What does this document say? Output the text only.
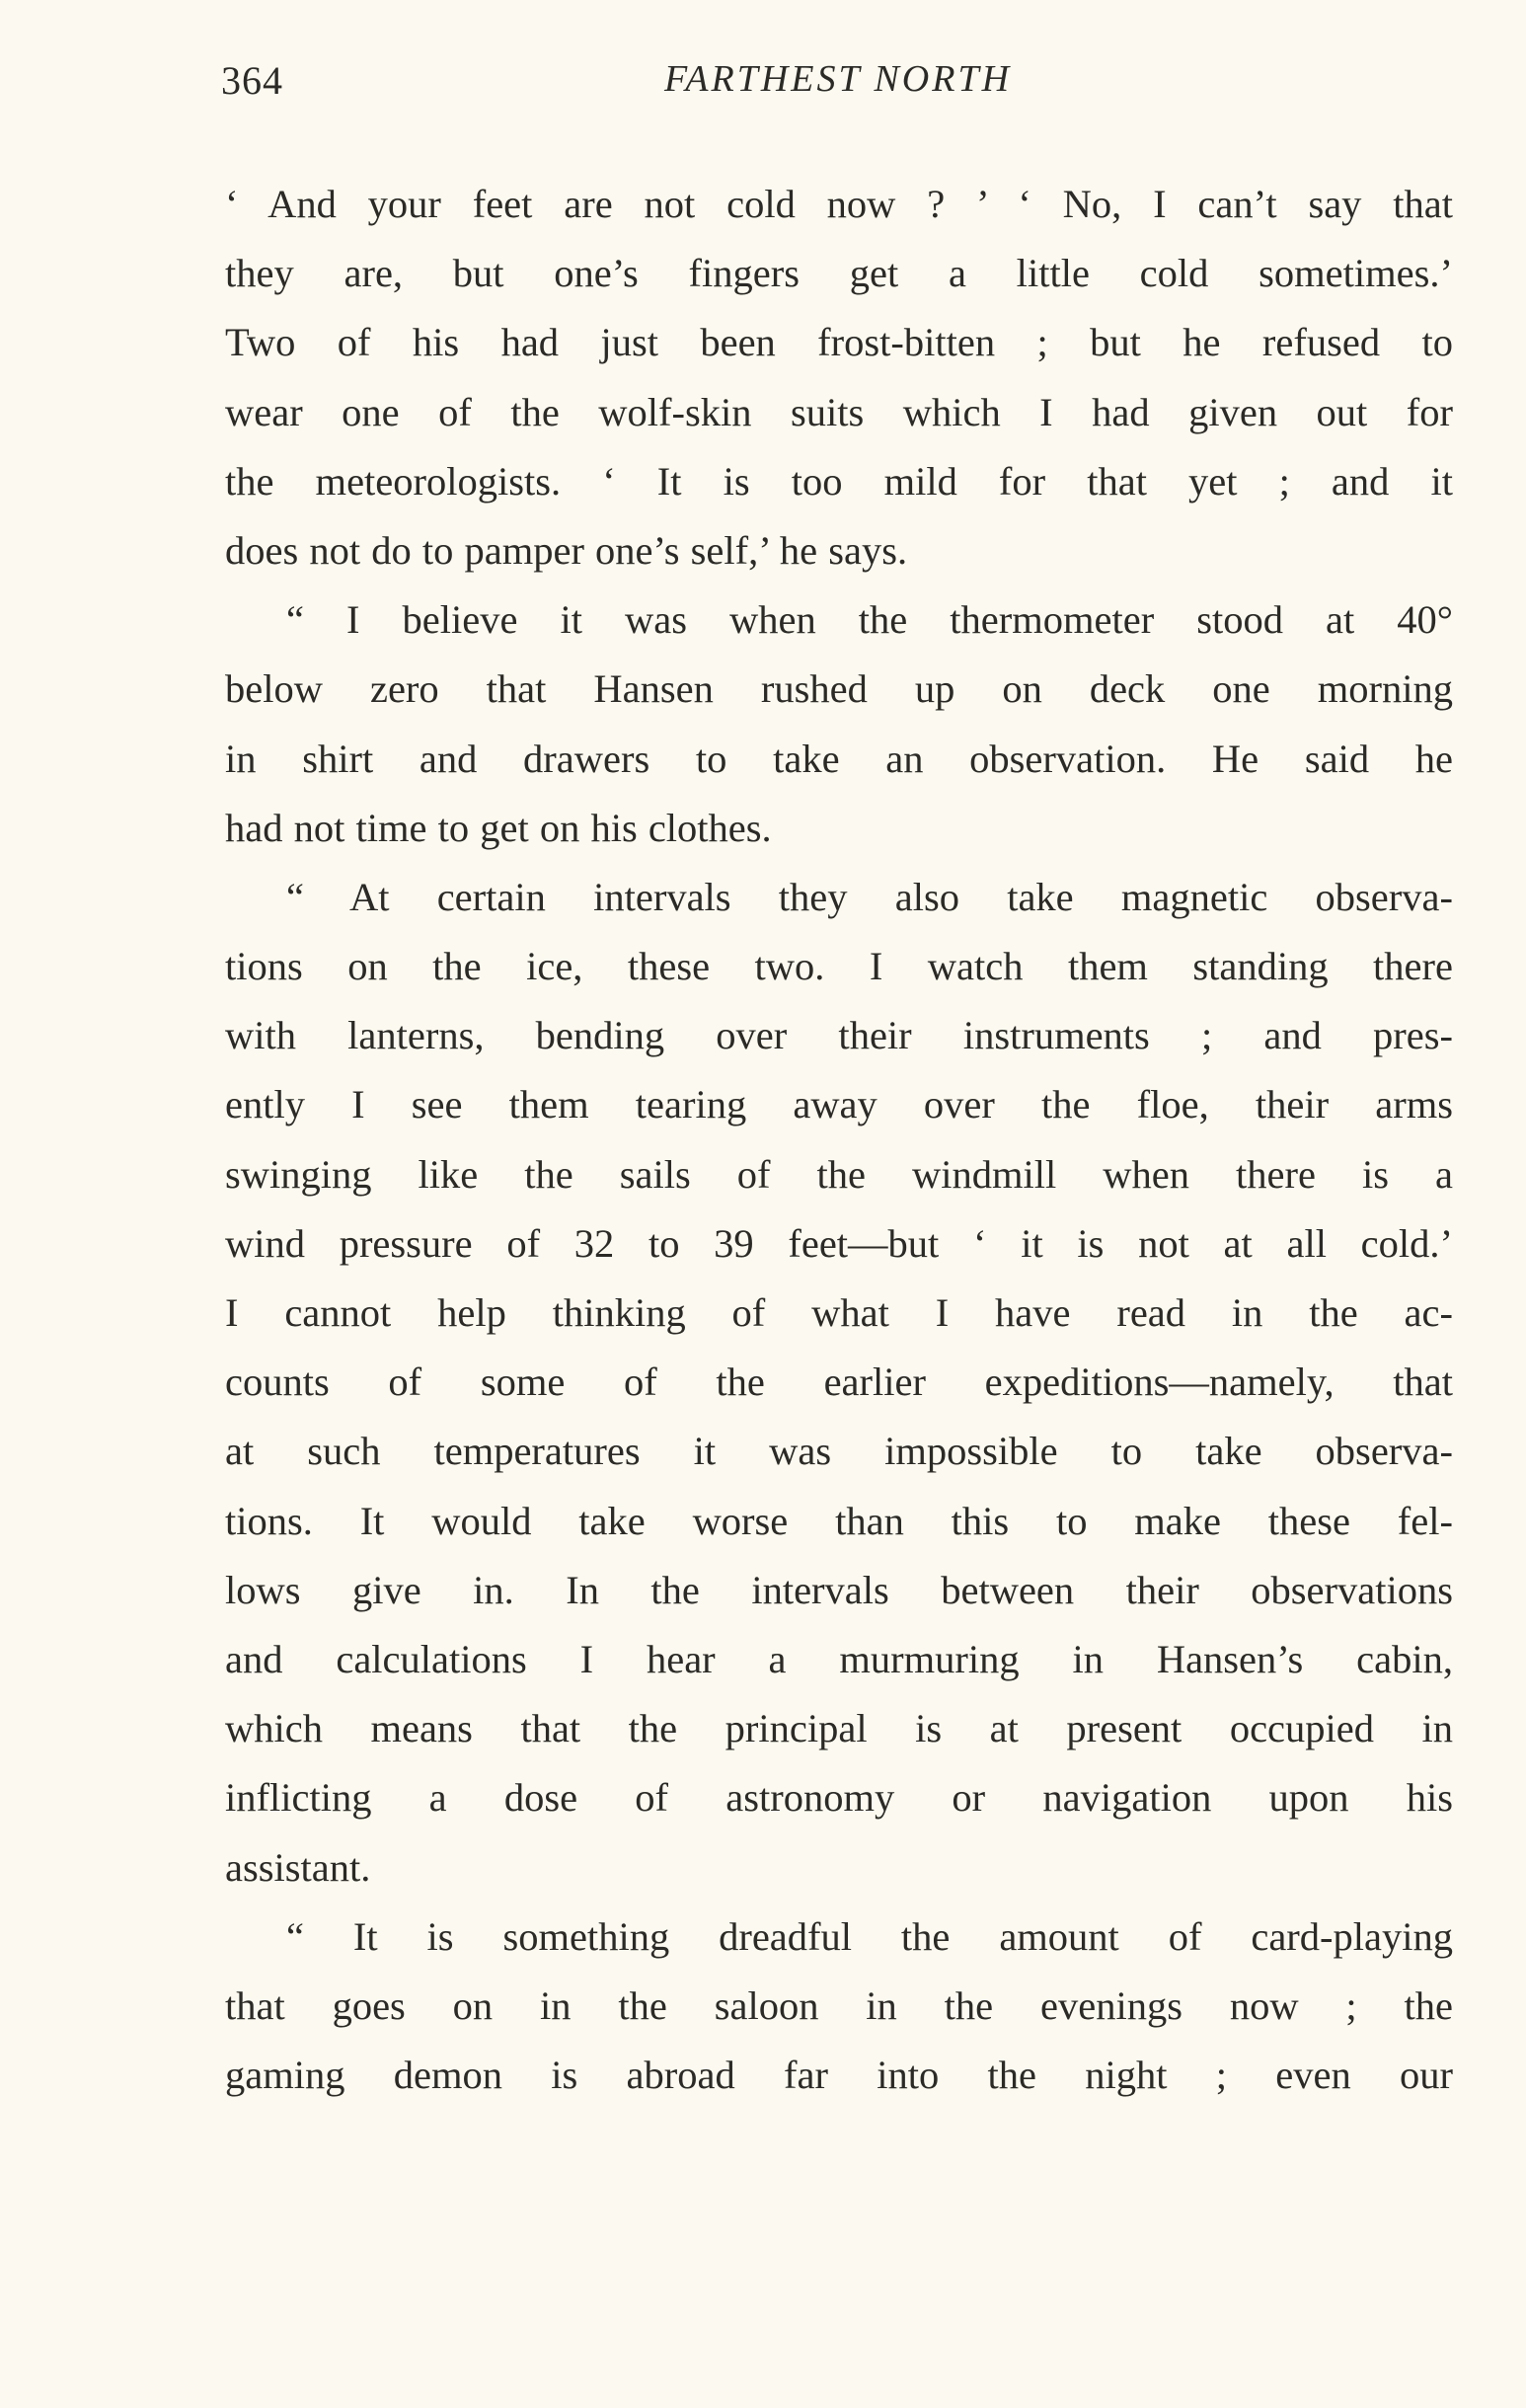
364	FARTHEST NORTH
‘ And your feet are not cold now ? ’ ‘ No, I can’t say that
they are, but one’s fingers get a little cold sometimes.’
Two of his had just been frost-bitten ; but he refused to
wear one of the wolf-skin suits which I had given out for
the meteorologists. ‘ It is too mild for that yet ; and it
does not do to pamper one’s self,’ he says.
“ I believe it was when the thermometer stood at 40°
below zero that Hansen rushed up on deck one morning
in shirt and drawers to take an observation. He said he
had not time to get on his clothes.
“ At certain intervals they also take magnetic observa-
tions on the ice, these two. I watch them standing there
with lanterns, bending over their instruments ; and pres-
ently I see them tearing away over the floe, their arms
swinging like the sails of the windmill when there is a
wind pressure of 32 to 39 feet—but ‘ it is not at all cold.’
I cannot help thinking of what I have read in the ac-
counts of some of the earlier expeditions—namely, that
at such temperatures it was impossible to take observa-
tions. It would take worse than this to make these fel-
lows give in. In the intervals between their observations
and calculations I hear a murmuring in Hansen’s cabin,
which means that the principal is at present occupied in
inflicting a dose of astronomy or navigation upon his
assistant.
“ It is something dreadful the amount of card-playing
that goes on in the saloon in the evenings now ; the
gaming demon is abroad far into the night ; even our
